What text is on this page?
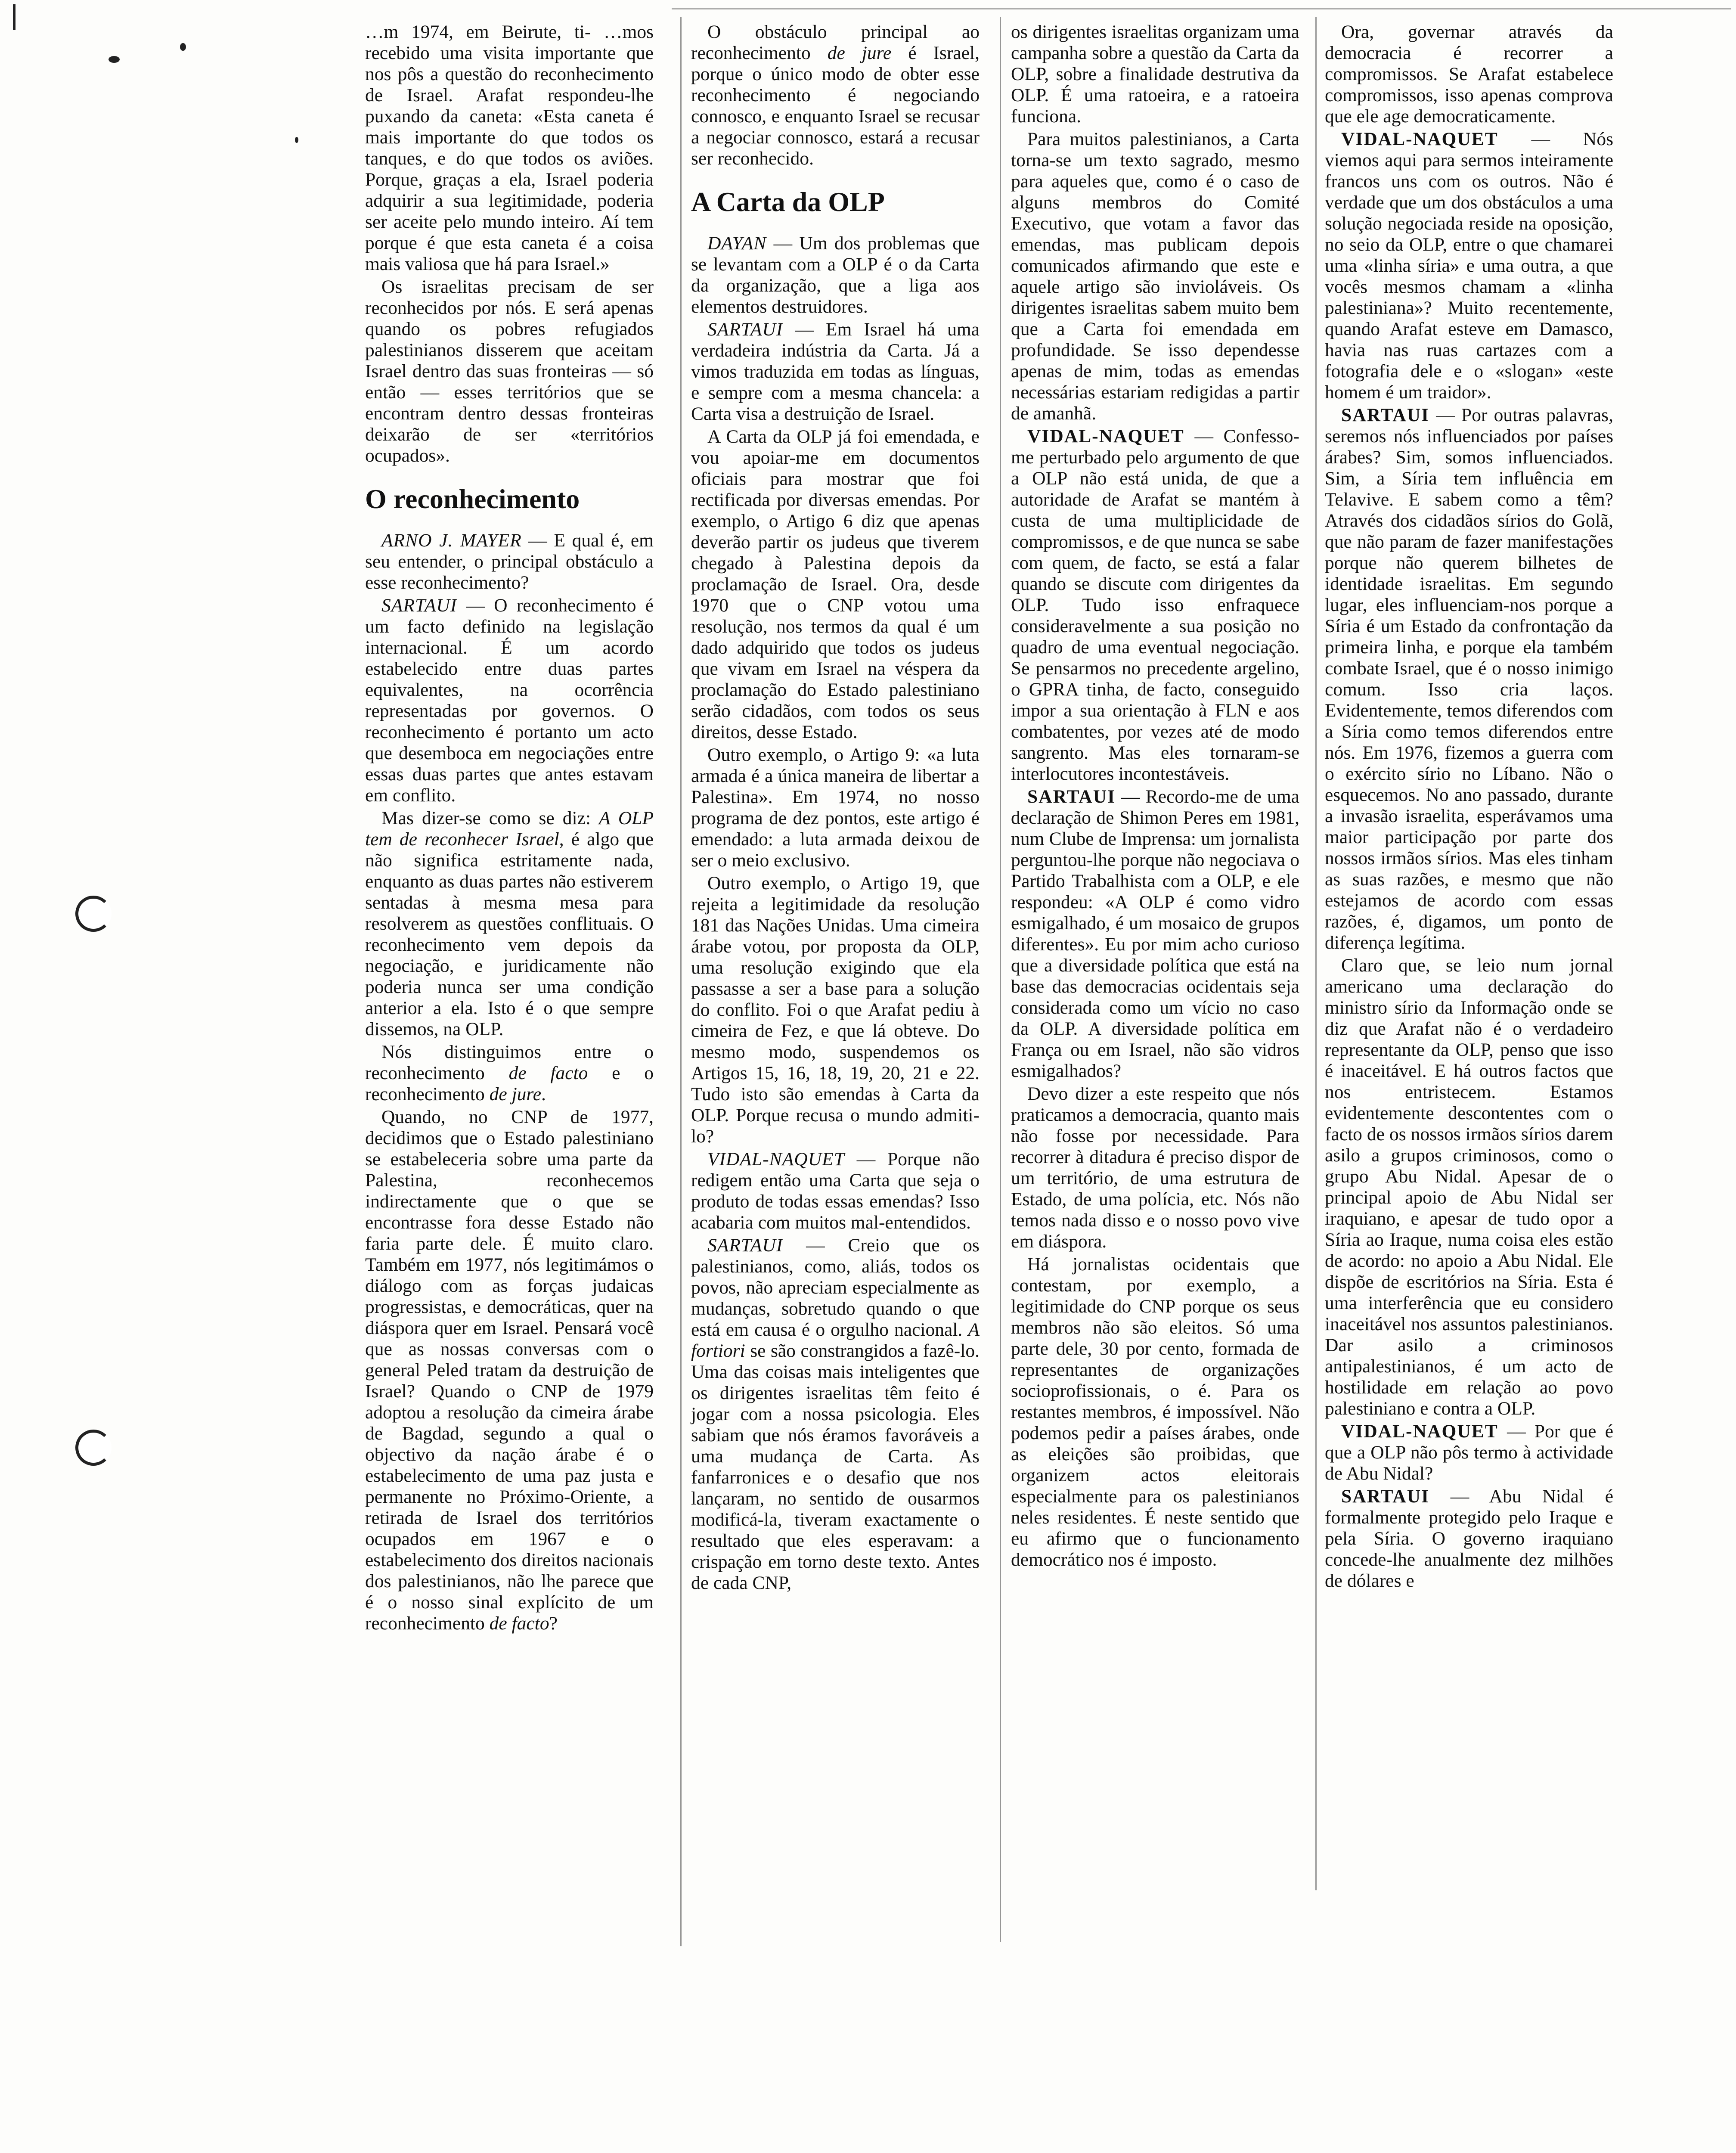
…m 1974, em Beirute, ti- …mos recebido uma visita importante que nos pôs a questão do reconhecimento de Israel. Arafat respondeu-lhe puxando da caneta: «Esta caneta é mais importante do que todos os tanques, e do que todos os aviões. Porque, graças a ela, Israel poderia adquirir a sua legitimidade, poderia ser aceite pelo mundo inteiro. Aí tem porque é que esta caneta é a coisa mais valiosa que há para Israel.»

Os israelitas precisam de ser reconhecidos por nós. E será apenas quando os pobres refugiados palestinianos disserem que aceitam Israel dentro das suas fronteiras — só então — esses territórios que se encontram dentro dessas fronteiras deixarão de ser «territórios ocupados».

O reconhecimento

ARNO J. MAYER — E qual é, em seu entender, o principal obstáculo a esse reconhecimento?

SARTAUI — O reconhecimento é um facto definido na legislação internacional. É um acordo estabelecido entre duas partes equivalentes, na ocorrência representadas por governos. O reconhecimento é portanto um acto que desemboca em negociações entre essas duas partes que antes estavam em conflito.

Mas dizer-se como se diz: A OLP tem de reconhecer Israel, é algo que não significa estritamente nada, enquanto as duas partes não estiverem sentadas à mesma mesa para resolverem as questões conflituais. O reconhecimento vem depois da negociação, e juridicamente não poderia nunca ser uma condição anterior a ela. Isto é o que sempre dissemos, na OLP.

Nós distinguimos entre o reconhecimento de facto e o reconhecimento de jure.

Quando, no CNP de 1977, decidimos que o Estado palestiniano se estabeleceria sobre uma parte da Palestina, reconhecemos indirectamente que o que se encontrasse fora desse Estado não faria parte dele. É muito claro. Também em 1977, nós legitimámos o diálogo com as forças judaicas progressistas, e democráticas, quer na diáspora quer em Israel. Pensará você que as nossas conversas com o general Peled tratam da destruição de Israel? Quando o CNP de 1979 adoptou a resolução da cimeira árabe de Bagdad, segundo a qual o objectivo da nação árabe é o estabelecimento de uma paz justa e permanente no Próximo-Oriente, a retirada de Israel dos territórios ocupados em 1967 e o estabelecimento dos direitos nacionais dos palestinianos, não lhe parece que é o nosso sinal explícito de um reconhecimento de facto?

O obstáculo principal ao reconhecimento de jure é Israel, porque o único modo de obter esse reconhecimento é negociando connosco, e enquanto Israel se recusar a negociar connosco, estará a recusar ser reconhecido.

A Carta da OLP

DAYAN — Um dos problemas que se levantam com a OLP é o da Carta da organização, que a liga aos elementos destruidores.

SARTAUI — Em Israel há uma verdadeira indústria da Carta. Já a vimos traduzida em todas as línguas, e sempre com a mesma chancela: a Carta visa a destruição de Israel.

A Carta da OLP já foi emendada, e vou apoiar-me em documentos oficiais para mostrar que foi rectificada por diversas emendas. Por exemplo, o Artigo 6 diz que apenas deverão partir os judeus que tiverem chegado à Palestina depois da proclamação de Israel. Ora, desde 1970 que o CNP votou uma resolução, nos termos da qual é um dado adquirido que todos os judeus que vivam em Israel na véspera da proclamação do Estado palestiniano serão cidadãos, com todos os seus direitos, desse Estado.

Outro exemplo, o Artigo 9: «a luta armada é a única maneira de libertar a Palestina». Em 1974, no nosso programa de dez pontos, este artigo é emendado: a luta armada deixou de ser o meio exclusivo.

Outro exemplo, o Artigo 19, que rejeita a legitimidade da resolução 181 das Nações Unidas. Uma cimeira árabe votou, por proposta da OLP, uma resolução exigindo que ela passasse a ser a base para a solução do conflito. Foi o que Arafat pediu à cimeira de Fez, e que lá obteve. Do mesmo modo, suspendemos os Artigos 15, 16, 18, 19, 20, 21 e 22. Tudo isto são emendas à Carta da OLP. Porque recusa o mundo admiti-lo?

VIDAL-NAQUET — Porque não redigem então uma Carta que seja o produto de todas essas emendas? Isso acabaria com muitos mal-entendidos.

SARTAUI — Creio que os palestinianos, como, aliás, todos os povos, não apreciam especialmente as mudanças, sobretudo quando o que está em causa é o orgulho nacional. A fortiori se são constrangidos a fazê-lo. Uma das coisas mais inteligentes que os dirigentes israelitas têm feito é jogar com a nossa psicologia. Eles sabiam que nós éramos favoráveis a uma mudança de Carta. As fanfarronices e o desafio que nos lançaram, no sentido de ousarmos modificá-la, tiveram exactamente o resultado que eles esperavam: a crispação em torno deste texto. Antes de cada CNP,

os dirigentes israelitas organizam uma campanha sobre a questão da Carta da OLP, sobre a finalidade destrutiva da OLP. É uma ratoeira, e a ratoeira funciona.

Para muitos palestinianos, a Carta torna-se um texto sagrado, mesmo para aqueles que, como é o caso de alguns membros do Comité Executivo, que votam a favor das emendas, mas publicam depois comunicados afirmando que este e aquele artigo são invioláveis. Os dirigentes israelitas sabem muito bem que a Carta foi emendada em profundidade. Se isso dependesse apenas de mim, todas as emendas necessárias estariam redigidas a partir de amanhã.

VIDAL-NAQUET — Confesso-me perturbado pelo argumento de que a OLP não está unida, de que a autoridade de Arafat se mantém à custa de uma multiplicidade de compromissos, e de que nunca se sabe com quem, de facto, se está a falar quando se discute com dirigentes da OLP. Tudo isso enfraquece consideravelmente a sua posição no quadro de uma eventual negociação. Se pensarmos no precedente argelino, o GPRA tinha, de facto, conseguido impor a sua orientação à FLN e aos combatentes, por vezes até de modo sangrento. Mas eles tornaram-se interlocutores incontestáveis.

SARTAUI — Recordo-me de uma declaração de Shimon Peres em 1981, num Clube de Imprensa: um jornalista perguntou-lhe porque não negociava o Partido Trabalhista com a OLP, e ele respondeu: «A OLP é como vidro esmigalhado, é um mosaico de grupos diferentes». Eu por mim acho curioso que a diversidade política que está na base das democracias ocidentais seja considerada como um vício no caso da OLP. A diversidade política em França ou em Israel, não são vidros esmigalhados?

Devo dizer a este respeito que nós praticamos a democracia, quanto mais não fosse por necessidade. Para recorrer à ditadura é preciso dispor de um território, de uma estrutura de Estado, de uma polícia, etc. Nós não temos nada disso e o nosso povo vive em diáspora.

Há jornalistas ocidentais que contestam, por exemplo, a legitimidade do CNP porque os seus membros não são eleitos. Só uma parte dele, 30 por cento, formada de representantes de organizações socioprofissionais, o é. Para os restantes membros, é impossível. Não podemos pedir a países árabes, onde as eleições são proibidas, que organizem actos eleitorais especialmente para os palestinianos neles residentes. É neste sentido que eu afirmo que o funcionamento democrático nos é imposto.

Ora, governar através da democracia é recorrer a compromissos. Se Arafat estabelece compromissos, isso apenas comprova que ele age democraticamente.

VIDAL-NAQUET — Nós viemos aqui para sermos inteiramente francos uns com os outros. Não é verdade que um dos obstáculos a uma solução negociada reside na oposição, no seio da OLP, entre o que chamarei uma «linha síria» e uma outra, a que vocês mesmos chamam a «linha palestiniana»? Muito recentemente, quando Arafat esteve em Damasco, havia nas ruas cartazes com a fotografia dele e o «slogan» «este homem é um traidor».

SARTAUI — Por outras palavras, seremos nós influenciados por países árabes? Sim, somos influenciados. Sim, a Síria tem influência em Telavive. E sabem como a têm? Através dos cidadãos sírios do Golã, que não param de fazer manifestações porque não querem bilhetes de identidade israelitas. Em segundo lugar, eles influenciam-nos porque a Síria é um Estado da confrontação da primeira linha, e porque ela também combate Israel, que é o nosso inimigo comum. Isso cria laços. Evidentemente, temos diferendos com a Síria como temos diferendos entre nós. Em 1976, fizemos a guerra com o exército sírio no Líbano. Não o esquecemos. No ano passado, durante a invasão israelita, esperávamos uma maior participação por parte dos nossos irmãos sírios. Mas eles tinham as suas razões, e mesmo que não estejamos de acordo com essas razões, é, digamos, um ponto de diferença legítima.

Claro que, se leio num jornal americano uma declaração do ministro sírio da Informação onde se diz que Arafat não é o verdadeiro representante da OLP, penso que isso é inaceitável. E há outros factos que nos entristecem. Estamos evidentemente descontentes com o facto de os nossos irmãos sírios darem asilo a grupos criminosos, como o grupo Abu Nidal. Apesar de o principal apoio de Abu Nidal ser iraquiano, e apesar de tudo opor a Síria ao Iraque, numa coisa eles estão de acordo: no apoio a Abu Nidal. Ele dispõe de escritórios na Síria. Esta é uma interferência que eu considero inaceitável nos assuntos palestinianos. Dar asilo a criminosos antipalestinianos, é um acto de hostilidade em relação ao povo palestiniano e contra a OLP.

VIDAL-NAQUET — Por que é que a OLP não pôs termo à actividade de Abu Nidal?

SARTAUI — Abu Nidal é formalmente protegido pelo Iraque e pela Síria. O governo iraquiano concede-lhe anualmente dez milhões de dólares e
